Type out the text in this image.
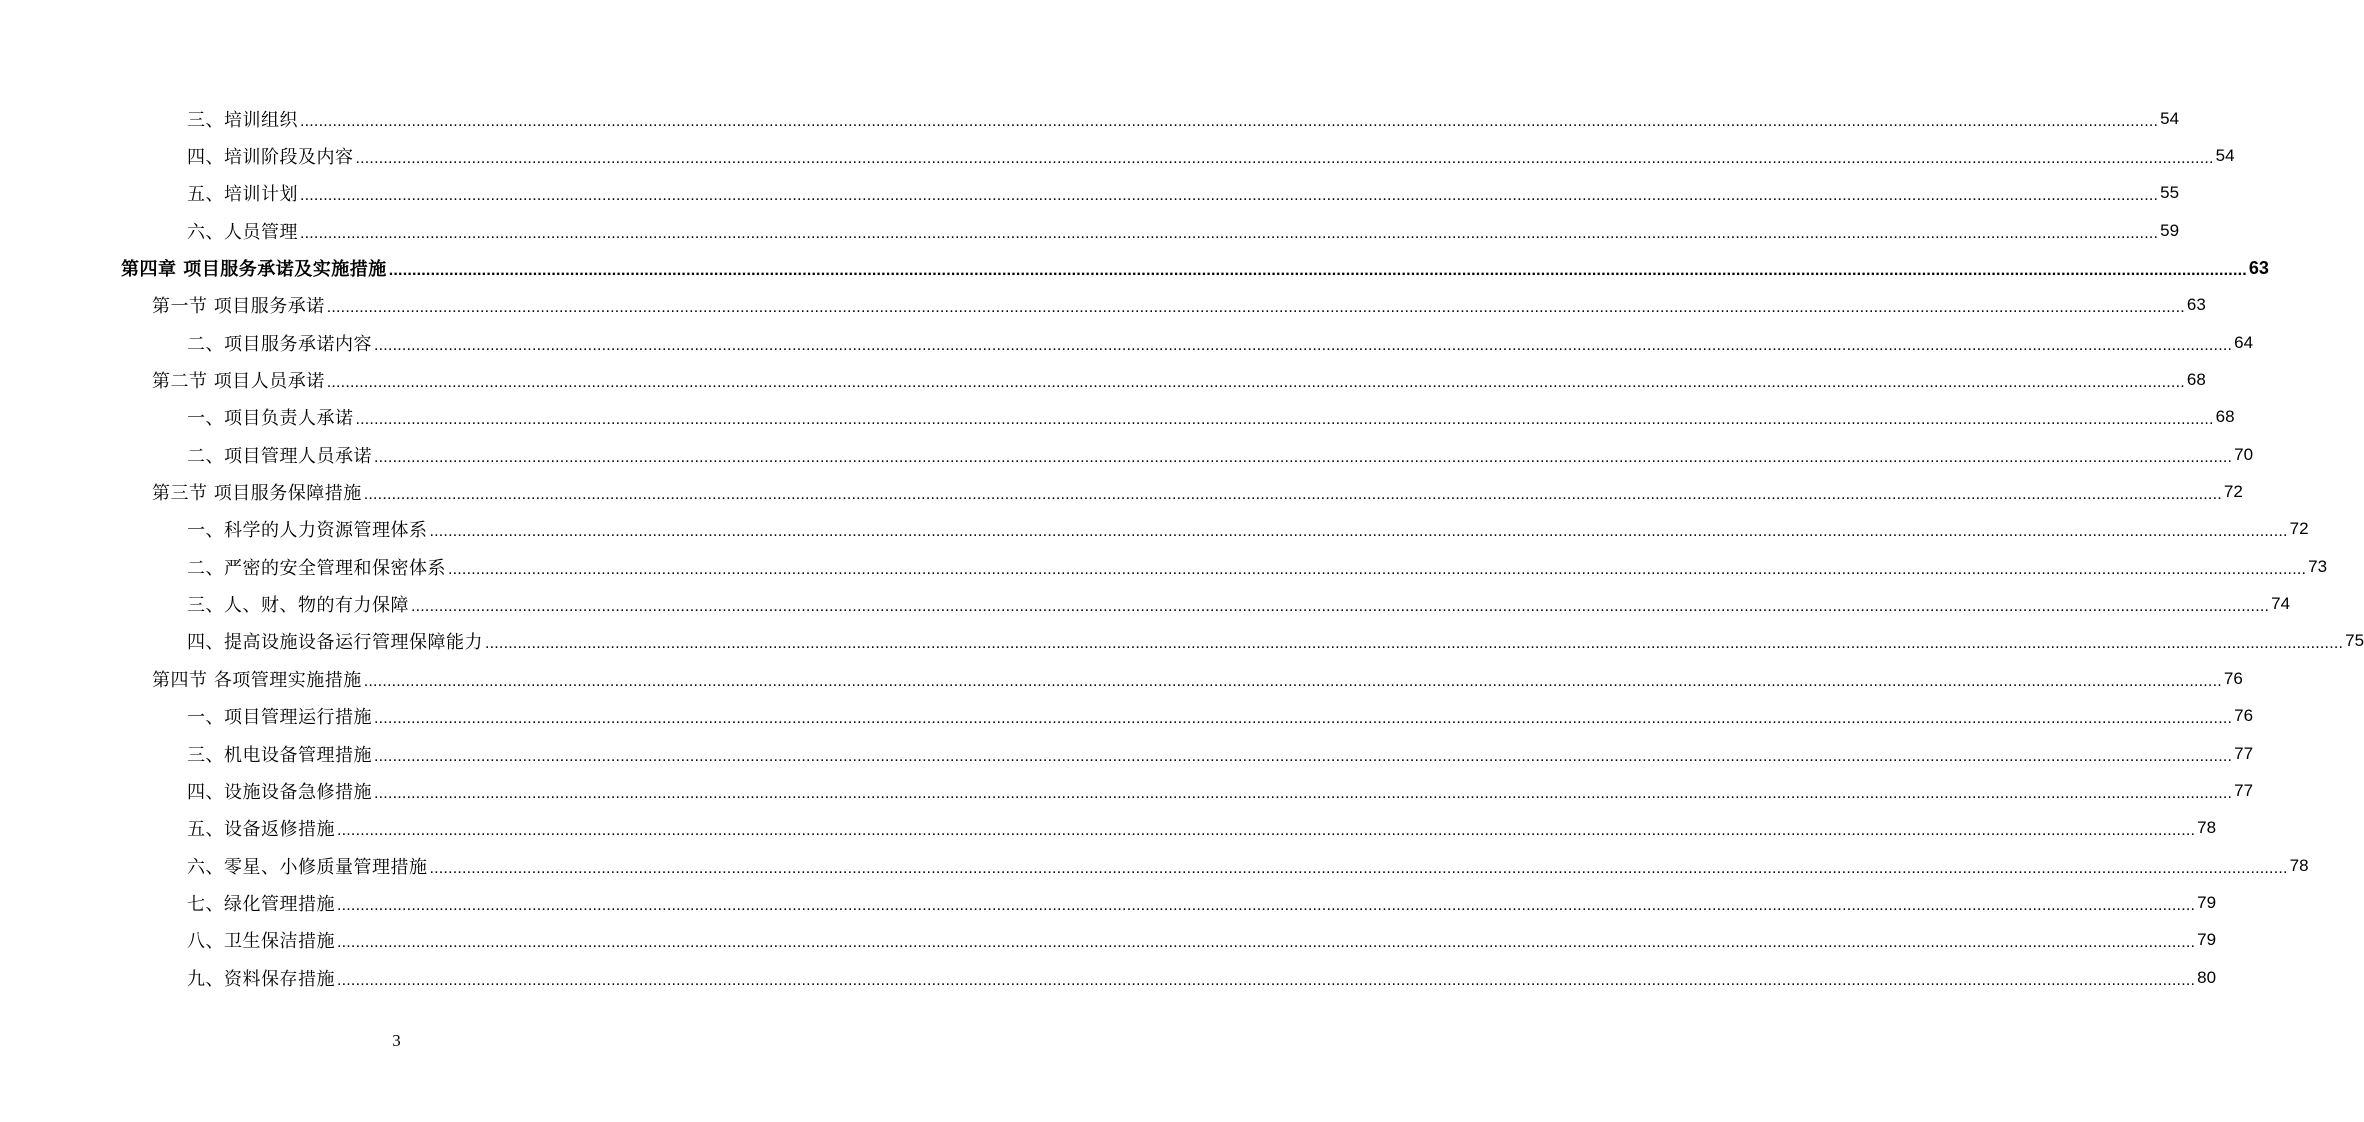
三、培训组织 ................................................................................................................................................................................................................................................................................................................................................................................................................ 54
四、培训阶段及内容 ................................................................................................................................................................................................................................................................................................................................................................................................................ 54
五、培训计划 ................................................................................................................................................................................................................................................................................................................................................................................................................ 55
六、人员管理 ................................................................................................................................................................................................................................................................................................................................................................................................................ 59
第四章 项目服务承诺及实施措施 ................................................................................................................................................................................................................................................................................................................................................................................................................ 63
第一节 项目服务承诺 ................................................................................................................................................................................................................................................................................................................................................................................................................ 63
二、项目服务承诺内容 ................................................................................................................................................................................................................................................................................................................................................................................................................ 64
第二节 项目人员承诺 ................................................................................................................................................................................................................................................................................................................................................................................................................ 68
一、项目负责人承诺 ................................................................................................................................................................................................................................................................................................................................................................................................................ 68
二、项目管理人员承诺 ................................................................................................................................................................................................................................................................................................................................................................................................................ 70
第三节 项目服务保障措施 ................................................................................................................................................................................................................................................................................................................................................................................................................ 72
一、科学的人力资源管理体系 ................................................................................................................................................................................................................................................................................................................................................................................................................ 72
二、严密的安全管理和保密体系 ................................................................................................................................................................................................................................................................................................................................................................................................................ 73
三、人、财、物的有力保障 ................................................................................................................................................................................................................................................................................................................................................................................................................ 74
四、提高设施设备运行管理保障能力 ................................................................................................................................................................................................................................................................................................................................................................................................................ 75
第四节 各项管理实施措施 ................................................................................................................................................................................................................................................................................................................................................................................................................ 76
一、项目管理运行措施 ................................................................................................................................................................................................................................................................................................................................................................................................................ 76
三、机电设备管理措施 ................................................................................................................................................................................................................................................................................................................................................................................................................ 77
四、设施设备急修措施 ................................................................................................................................................................................................................................................................................................................................................................................................................ 77
五、设备返修措施 ................................................................................................................................................................................................................................................................................................................................................................................................................ 78
六、零星、小修质量管理措施 ................................................................................................................................................................................................................................................................................................................................................................................................................ 78
七、绿化管理措施 ................................................................................................................................................................................................................................................................................................................................................................................................................ 79
八、卫生保洁措施 ................................................................................................................................................................................................................................................................................................................................................................................................................ 79
九、资料保存措施 ................................................................................................................................................................................................................................................................................................................................................................................................................ 80
3
